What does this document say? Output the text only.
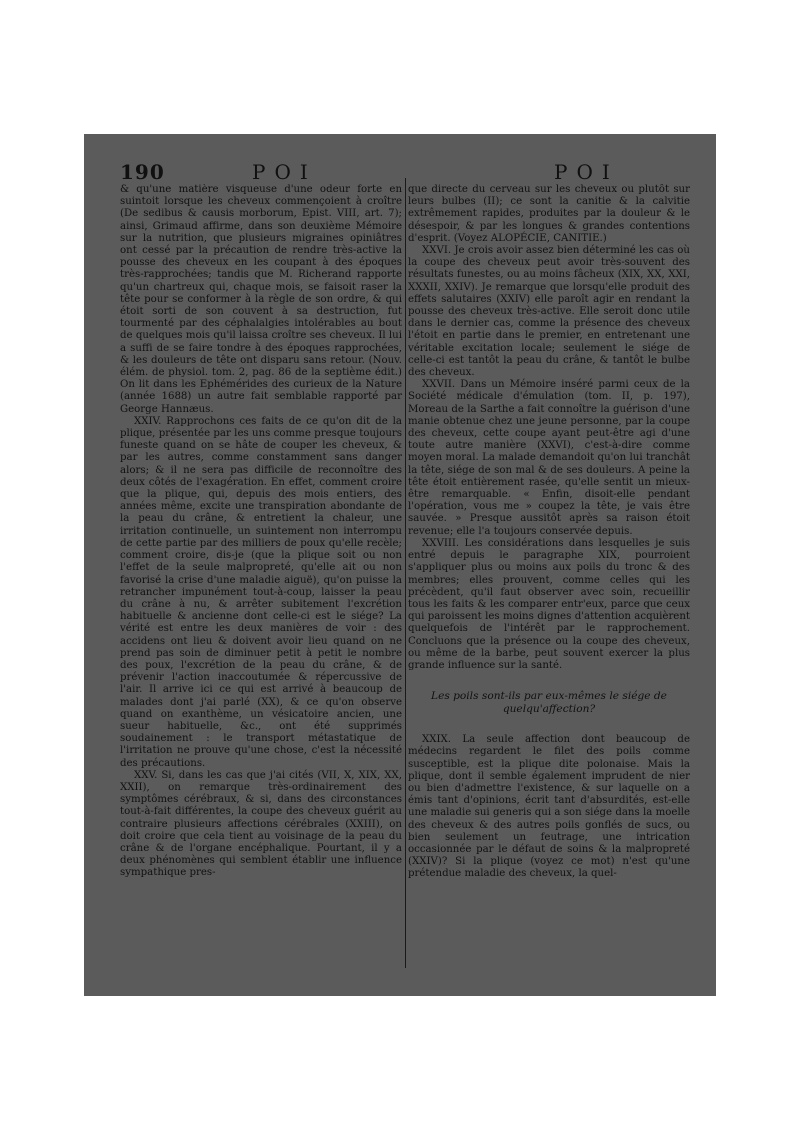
190	POI	POI

& qu'une matière visqueuse d'une odeur forte en suintoit lorsque les cheveux commençoient à croître (De sedibus & causis morborum, Epist. VIII, art. 7); ainsi, Grimaud affirme, dans son deuxième Mémoire sur la nutrition, que plusieurs migraines opiniâtres ont cessé par la précaution de rendre très-active la pousse des cheveux en les coupant à des époques très-rapprochées; tandis que M. Richerand rapporte qu'un chartreux qui, chaque mois, se faisoit raser la tête pour se conformer à la règle de son ordre, & qui étoit sorti de son couvent à sa destruction, fut tourmenté par des céphalalgies intolérables au bout de quelques mois qu'il laissa croître ses cheveux. Il lui a suffi de se faire tondre à des époques rapprochées, & les douleurs de tête ont disparu sans retour. (Nouv. élém. de physiol. tom. 2, pag. 86 de la septième édit.) On lit dans les Ephémérides des curieux de la Nature (année 1688) un autre fait semblable rapporté par George Hannæus.

XXIV. Rapprochons ces faits de ce qu'on dit de la plique, présentée par les uns comme presque toujours funeste quand on se hâte de couper les cheveux, & par les autres, comme constamment sans danger alors; & il ne sera pas difficile de reconnoître des deux côtés de l'exagération. En effet, comment croire que la plique, qui, depuis des mois entiers, des années même, excite une transpiration abondante de la peau du crâne, & entretient la chaleur, une irritation continuelle, un suintement non interrompu de cette partie par des milliers de poux qu'elle recèle; comment croire, dis-je (que la plique soit ou non l'effet de la seule malpropreté, qu'elle ait ou non favorisé la crise d'une maladie aiguë), qu'on puisse la retrancher impunément tout-à-coup, laisser la peau du crâne à nu, & arrêter subitement l'excrétion habituelle & ancienne dont celle-ci est le siége? La vérité est entre les deux manières de voir : des accidens ont lieu & doivent avoir lieu quand on ne prend pas soin de diminuer petit à petit le nombre des poux, l'excrétion de la peau du crâne, & de prévenir l'action inaccoutumée & répercussive de l'air. Il arrive ici ce qui est arrivé à beaucoup de malades dont j'ai parlé (XX), & ce qu'on observe quand on exanthème, un vésicatoire ancien, une sueur habituelle, &c., ont été supprimés soudainement : le transport métastatique de l'irritation ne prouve qu'une chose, c'est la nécessité des précautions.

XXV. Si, dans les cas que j'ai cités (VII, X, XIX, XX, XXII), on remarque très-ordinairement des symptômes cérébraux, & si, dans des circonstances tout-à-fait différentes, la coupe des cheveux guérit au contraire plusieurs affections cérébrales (XXIII), on doit croire que cela tient au voisinage de la peau du crâne & de l'organe encéphalique. Pourtant, il y a deux phénomènes qui semblent établir une influence sympathique pres-

que directe du cerveau sur les cheveux ou plutôt sur leurs bulbes (II); ce sont la canitie & la calvitie extrêmement rapides, produites par la douleur & le désespoir, & par les longues & grandes contentions d'esprit. (Voyez ALOPÉCIE, CANITIE.)

XXVI. Je crois avoir assez bien déterminé les cas où la coupe des cheveux peut avoir très-souvent des résultats funestes, ou au moins fâcheux (XIX, XX, XXI, XXXII, XXIV). Je remarque que lorsqu'elle produit des effets salutaires (XXIV) elle paroît agir en rendant la pousse des cheveux très-active. Elle seroit donc utile dans le dernier cas, comme la présence des cheveux l'étoit en partie dans le premier, en entretenant une véritable excitation locale; seulement le siége de celle-ci est tantôt la peau du crâne, & tantôt le bulbe des cheveux.

XXVII. Dans un Mémoire inséré parmi ceux de la Société médicale d'émulation (tom. II, p. 197), Moreau de la Sarthe a fait connoître la guérison d'une manie obtenue chez une jeune personne, par la coupe des cheveux, cette coupe ayant peut-être agi d'une toute autre manière (XXVI), c'est-à-dire comme moyen moral. La malade demandoit qu'on lui tranchât la tête, siége de son mal & de ses douleurs. A peine la tête étoit entièrement rasée, qu'elle sentit un mieux-être remarquable. « Enfin, disoit-elle pendant l'opération, vous me » coupez la tête, je vais être sauvée. » Presque aussitôt après sa raison étoit revenue; elle l'a toujours conservée depuis.

XXVIII. Les considérations dans lesquelles je suis entré depuis le paragraphe XIX, pourroient s'appliquer plus ou moins aux poils du tronc & des membres; elles prouvent, comme celles qui les précèdent, qu'il faut observer avec soin, recueillir tous les faits & les comparer entr'eux, parce que ceux qui paroissent les moins dignes d'attention acquièrent quelquefois de l'intérêt par le rapprochement. Concluons que la présence ou la coupe des cheveux, ou même de la barbe, peut souvent exercer la plus grande influence sur la santé.

Les poils sont-ils par eux-mêmes le siége de quelqu'affection?

XXIX. La seule affection dont beaucoup de médecins regardent le filet des poils comme susceptible, est la plique dite polonaise. Mais la plique, dont il semble également imprudent de nier ou bien d'admettre l'existence, & sur laquelle on a émis tant d'opinions, écrit tant d'absurdités, est-elle une maladie sui generis qui a son siége dans la moelle des cheveux & des autres poils gonflés de sucs, ou bien seulement un feutrage, une intrication occasionnée par le défaut de soins & la malpropreté (XXIV)? Si la plique (voyez ce mot) n'est qu'une prétendue maladie des cheveux, la quel-
